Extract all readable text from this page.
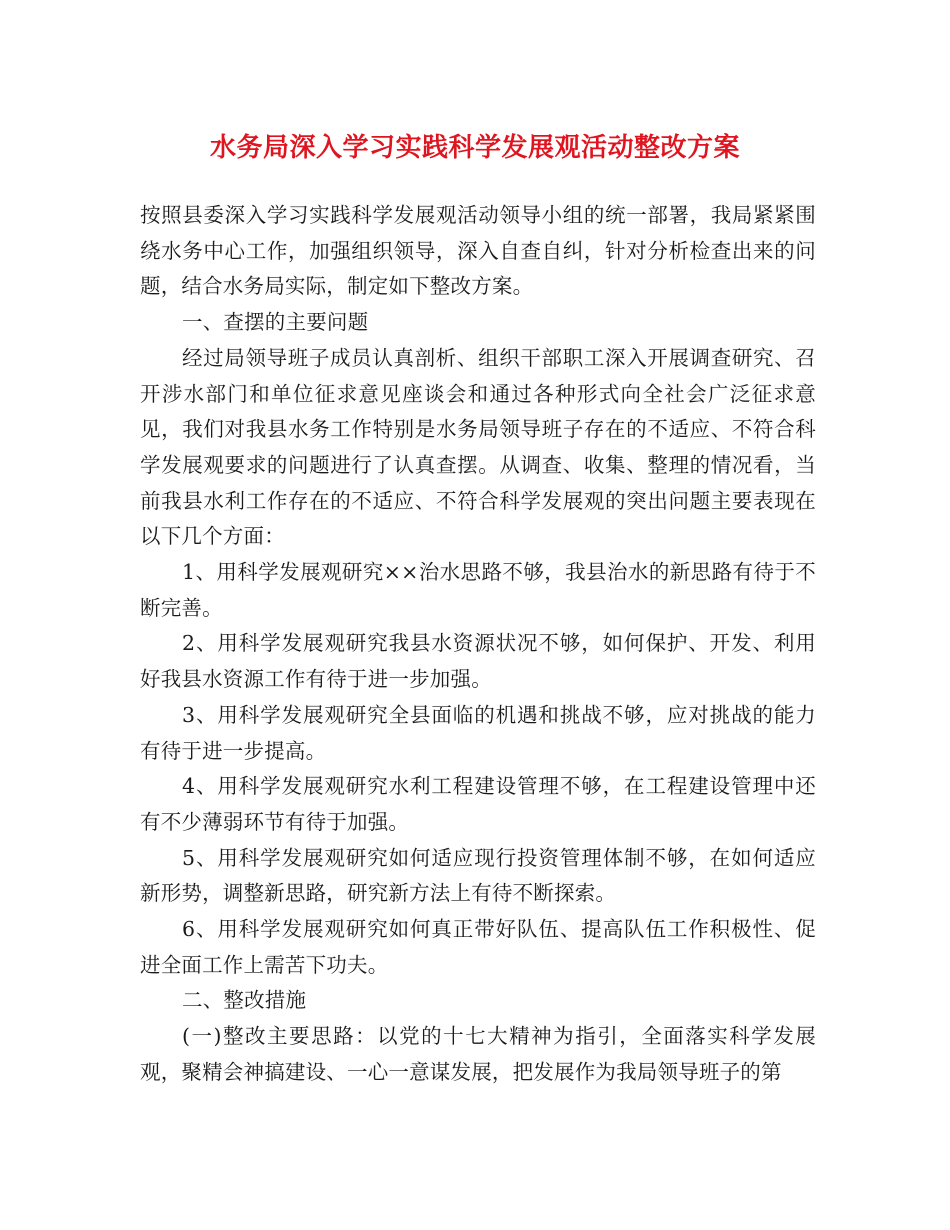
水务局深入学习实践科学发展观活动整改方案

按照县委深入学习实践科学发展观活动领导小组的统一部署，我局紧紧围绕水务中心工作，加强组织领导，深入自查自纠，针对分析检查出来的问题，结合水务局实际，制定如下整改方案。

一、查摆的主要问题

经过局领导班子成员认真剖析、组织干部职工深入开展调查研究、召开涉水部门和单位征求意见座谈会和通过各种形式向全社会广泛征求意见，我们对我县水务工作特别是水务局领导班子存在的不适应、不符合科学发展观要求的问题进行了认真查摆。从调查、收集、整理的情况看，当前我县水利工作存在的不适应、不符合科学发展观的突出问题主要表现在以下几个方面：

1、用科学发展观研究××治水思路不够，我县治水的新思路有待于不断完善。

2、用科学发展观研究我县水资源状况不够，如何保护、开发、利用好我县水资源工作有待于进一步加强。

3、用科学发展观研究全县面临的机遇和挑战不够，应对挑战的能力有待于进一步提高。

4、用科学发展观研究水利工程建设管理不够，在工程建设管理中还有不少薄弱环节有待于加强。

5、用科学发展观研究如何适应现行投资管理体制不够，在如何适应新形势，调整新思路，研究新方法上有待不断探索。

6、用科学发展观研究如何真正带好队伍、提高队伍工作积极性、促进全面工作上需苦下功夫。

二、整改措施

(一)整改主要思路：以党的十七大精神为指引，全面落实科学发展观，聚精会神搞建设、一心一意谋发展，把发展作为我局领导班子的第
